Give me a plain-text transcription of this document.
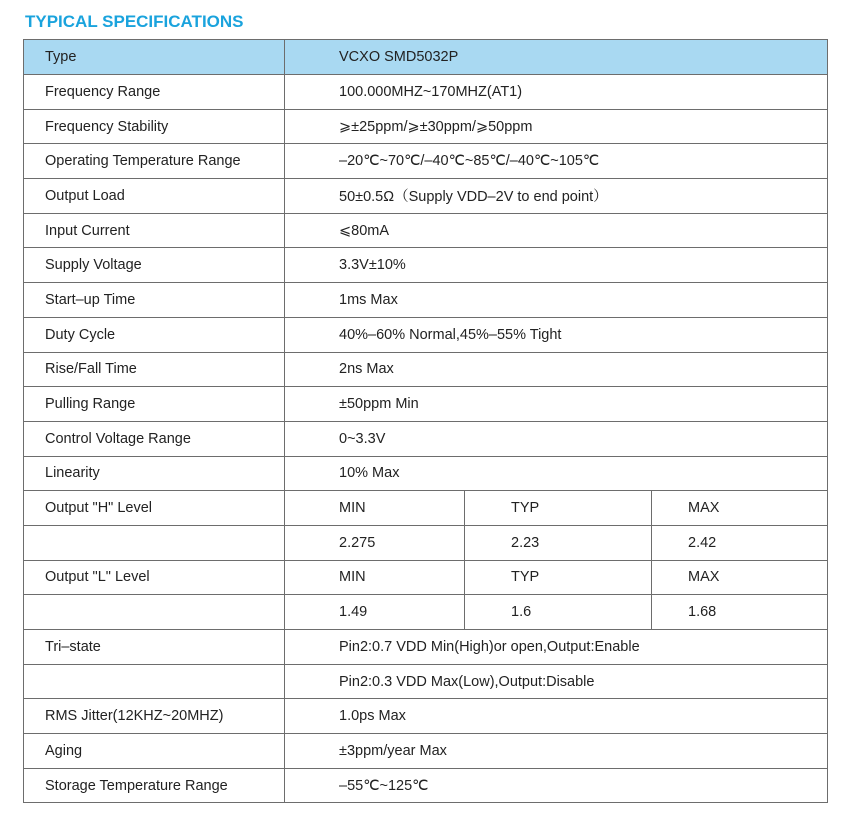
TYPICAL SPECIFICATIONS
Type	VCXO SMD5032P		
Frequency Range	100.000MHZ~170MHZ(AT1)		
Frequency Stability	⩾±25ppm/⩾±30ppm/⩾50ppm		
Operating Temperature Range	–20℃~70℃/–40℃~85℃/–40℃~105℃		
Output Load	50±0.5Ω（Supply VDD–2V to end point）		
Input Current	⩽80mA		
Supply Voltage	3.3V±10%		
Start–up Time	1ms Max		
Duty Cycle	40%–60% Normal,45%–55% Tight		
Rise/Fall Time	2ns Max		
Pulling Range	±50ppm Min		
Control Voltage Range	0~3.3V		
Linearity	10% Max		
Output "H" Level	MIN	TYP	MAX
	2.275	2.23	2.42
Output "L" Level	MIN	TYP	MAX
	1.49	1.6	1.68
Tri–state	Pin2:0.7 VDD Min(High)or open,Output:Enable		
	Pin2:0.3 VDD Max(Low),Output:Disable		
RMS Jitter(12KHZ~20MHZ)	1.0ps Max		
Aging	±3ppm/year Max		
Storage Temperature Range	–55℃~125℃		
